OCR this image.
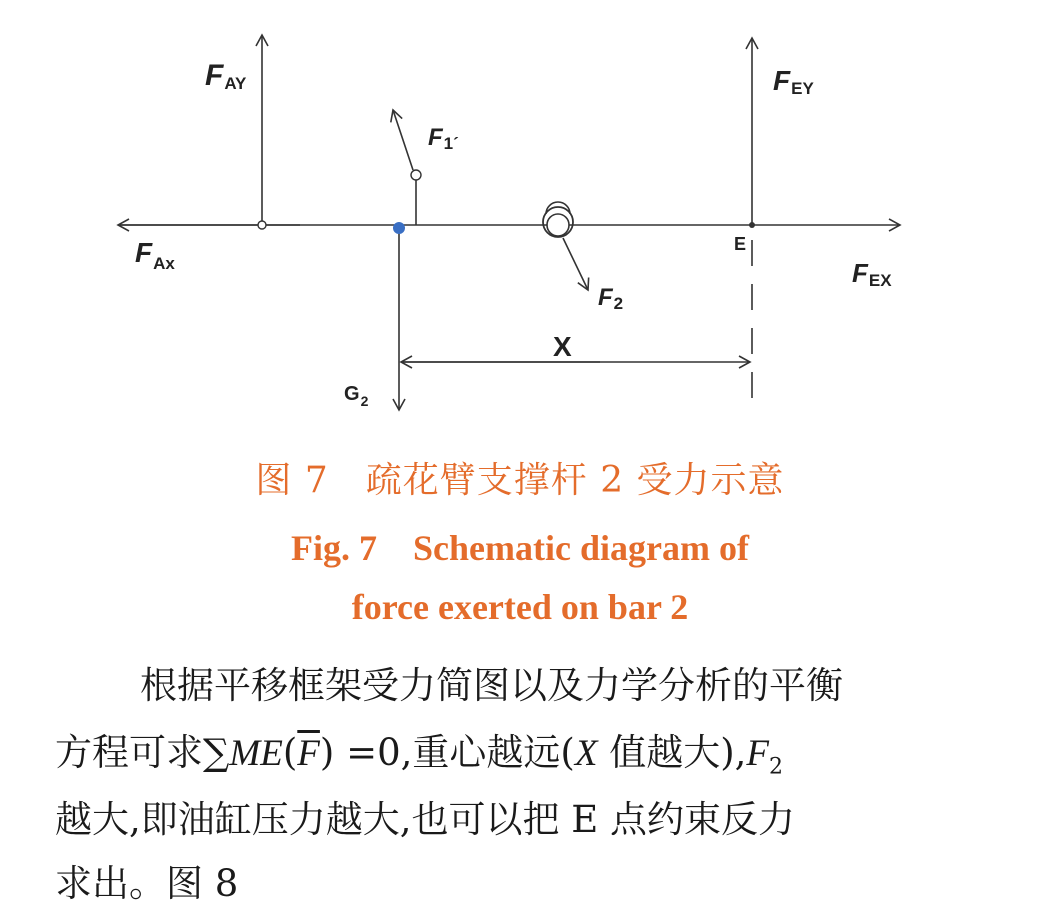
FAY	FEY
F1´
$F_{Ax}$	FEX
F2
E
$G_2$
X
图 7　疏花臂支撑杆 2 受力示意
Fig. 7　Schematic diagram of
force exerted on bar 2
根据平移框架受力简图以及力学分析的平衡
方程可求$\sum ME(\overline{F}) =0$,重心越远(X 值越大)$,F_2$
越大,即油缸压力越大,也可以把 E 点约束反力
求出。图 8
